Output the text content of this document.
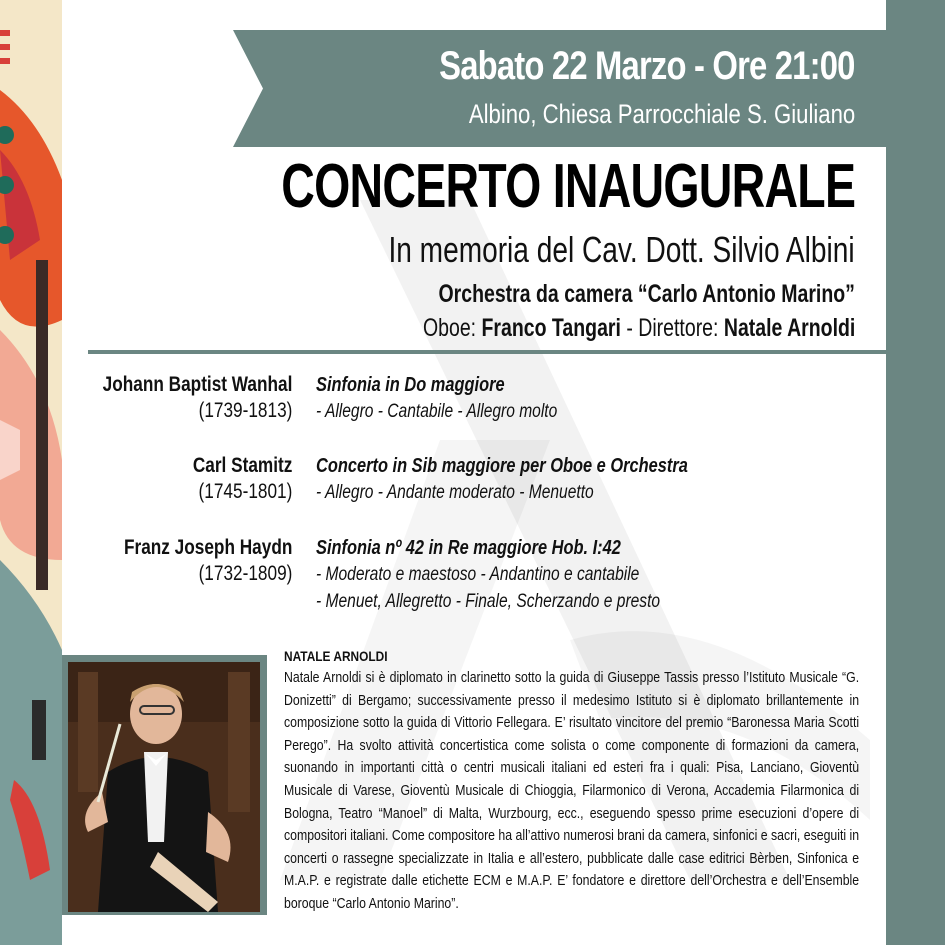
Sabato 22 Marzo - Ore 21:00
Albino, Chiesa Parrocchiale S. Giuliano
CONCERTO INAUGURALE
In memoria del Cav. Dott. Silvio Albini
Orchestra da camera “Carlo Antonio Marino”
Oboe: Franco Tangari - Direttore: Natale Arnoldi
Johann Baptist Wanhal
(1739-1813)
Sinfonia in Do maggiore
- Allegro - Cantabile - Allegro molto
Carl Stamitz
(1745-1801)
Concerto in Sib maggiore per Oboe e Orchestra
- Allegro - Andante moderato - Menuetto
Franz Joseph Haydn
(1732-1809)
Sinfonia nº 42 in Re maggiore Hob. I:42
- Moderato e maestoso - Andantino e cantabile
- Menuet, Allegretto - Finale, Scherzando e presto
NATALE ARNOLDI
Natale Arnoldi si è diplomato in clarinetto sotto la guida di Giuseppe Tassis presso l’Istituto Musicale “G. Donizetti” di Bergamo; successivamente presso il medesimo Istituto si è diplomato brillantemente in composizione sotto la guida di Vittorio Fellegara. E’ risultato vincitore del premio “Baronessa Maria Scotti Perego”. Ha svolto attività concertistica come solista o come componente di formazioni da camera, suonando in importanti città o centri musicali italiani ed esteri fra i quali: Pisa, Lanciano, Gioventù Musicale di Varese, Gioventù Musicale di Chioggia, Filarmonico di Verona, Accademia Filarmonica di Bologna, Teatro “Manoel” di Malta, Wurzbourg, ecc., eseguendo spesso prime esecuzioni d’opere di compositori italiani. Come compositore ha all’attivo numerosi brani da camera, sinfonici e sacri, eseguiti in concerti o rassegne specializzate in Italia e all’estero, pubblicate dalle case editrici Bèrben, Sinfonica e M.A.P. e registrate dalle etichette ECM e M.A.P. E’ fondatore e direttore dell’Orchestra e dell’Ensemble boroque “Carlo Antonio Marino”.
